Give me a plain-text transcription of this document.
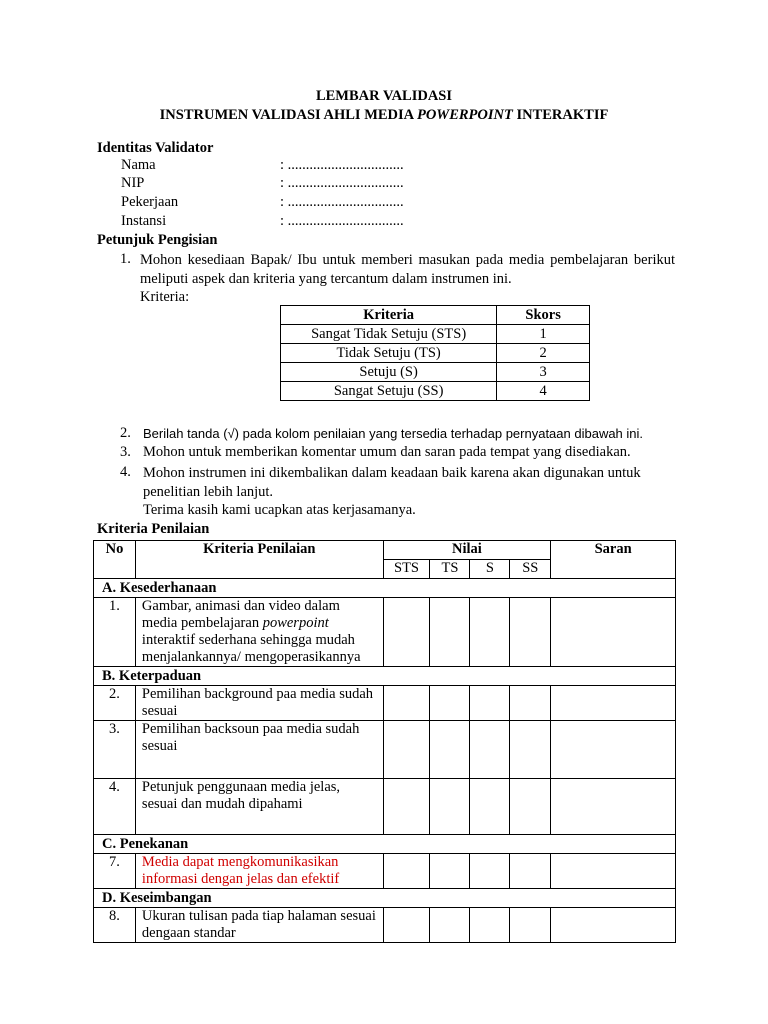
LEMBAR VALIDASI
INSTRUMEN VALIDASI AHLI MEDIA POWERPOINT INTERAKTIF
Identitas Validator
Nama	: ................................
NIP	: ................................
Pekerjaan	: ................................
Instansi	: ................................
Petunjuk Pengisian
1. Mohon kesediaan Bapak/ Ibu untuk memberi masukan pada media pembelajaran berikut meliputi aspek dan kriteria yang tercantum dalam instrumen ini.
Kriteria:
Kriteria	Skors
Sangat Tidak Setuju (STS)	1
Tidak Setuju (TS)	2
Setuju (S)	3
Sangat Setuju (SS)	4
2. Berilah tanda (√) pada kolom penilaian yang tersedia terhadap pernyataan dibawah ini.
3. Mohon untuk memberikan komentar umum dan saran pada tempat yang disediakan.
4. Mohon instrumen ini dikembalikan dalam keadaan baik karena akan digunakan untuk penelitian lebih lanjut.
Terima kasih kami ucapkan atas kerjasamanya.
Kriteria Penilaian
No	Kriteria Penilaian	Nilai				Saran
		STS	TS	S	SS	
A. Kesederhanaan						
1.	Gambar, animasi dan video dalam media pembelajaran powerpoint interaktif sederhana sehingga mudah menjalankannya/ mengoperasikannya					
B. Keterpaduan						
2.	Pemilihan background paa media sudah sesuai					
3.	Pemilihan backsoun paa media sudah sesuai					
4.	Petunjuk penggunaan media jelas, sesuai dan mudah dipahami					
C. Penekanan						
7.	Media dapat mengkomunikasikan informasi dengan jelas dan efektif					
D. Keseimbangan						
8.	Ukuran tulisan pada tiap halaman sesuai dengaan standar					
